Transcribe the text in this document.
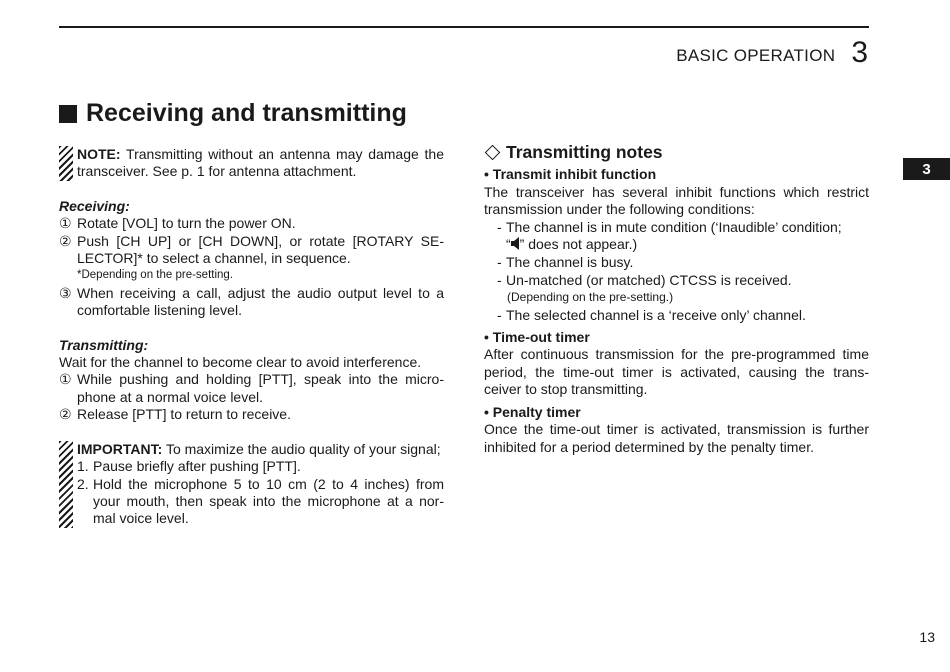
BASIC OPERATION 3
Receiving and transmitting
NOTE: Transmitting without an antenna may damage the transceiver. See p. 1 for antenna attachment.
Receiving:
① Rotate [VOL] to turn the power ON.
② Push [CH UP] or [CH DOWN], or rotate [ROTARY SE-LECTOR]* to select a channel, in sequence.
*Depending on the pre-setting.
③ When receiving a call, adjust the audio output level to a comfortable listening level.
Transmitting:
Wait for the channel to become clear to avoid interference.
① While pushing and holding [PTT], speak into the micro-phone at a normal voice level.
② Release [PTT] to return to receive.
IMPORTANT: To maximize the audio quality of your signal;
1. Pause briefly after pushing [PTT].
2. Hold the microphone 5 to 10 cm (2 to 4 inches) from your mouth, then speak into the microphone at a nor-mal voice level.
Transmitting notes
• Transmit inhibit function
The transceiver has several inhibit functions which restrict transmission under the following conditions:
- The channel is in mute condition (‘Inaudible’ condition;
“ ” does not appear.)
- The channel is busy.
- Un-matched (or matched) CTCSS is received.
(Depending on the pre-setting.)
- The selected channel is a ‘receive only’ channel.
• Time-out timer
After continuous transmission for the pre-programmed time period, the time-out timer is activated, causing the trans-ceiver to stop transmitting.
• Penalty timer
Once the time-out timer is activated, transmission is further inhibited for a period determined by the penalty timer.
3
13
